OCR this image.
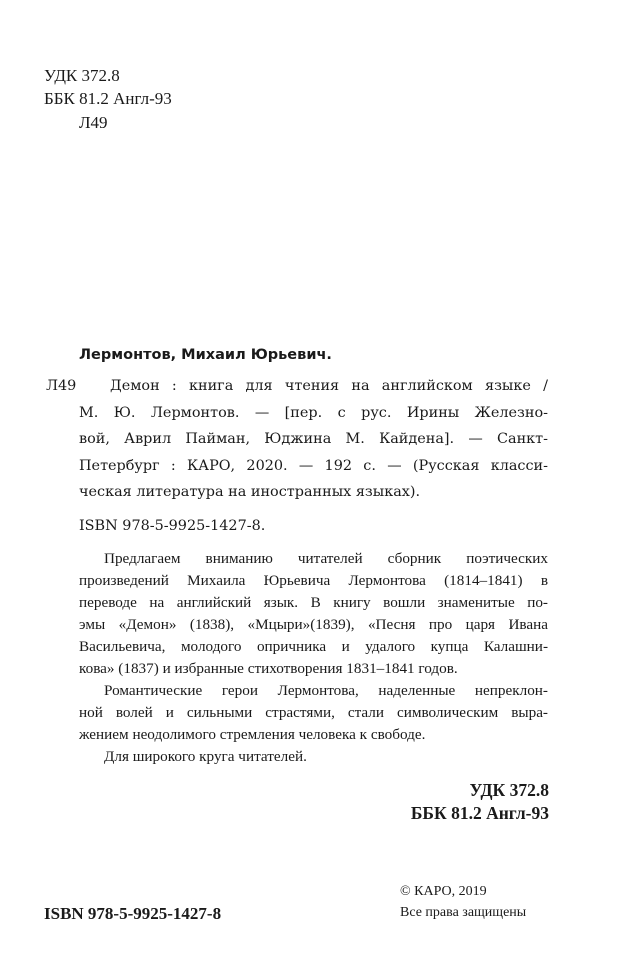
УДК 372.8
ББК 81.2 Англ-93
Л49
Лермонтов, Михаил Юрьевич.
Л49 Демон : книга для чтения на английском языке /
М. Ю. Лермонтов. — [пер. с рус. Ирины Железно-
вой, Аврил Пайман, Юджина М. Кайдена]. — Санкт-
Петербург : КАРО, 2020. — 192 с. — (Русская класси-
ческая литература на иностранных языках).
ISBN 978-5-9925-1427-8.
Предлагаем вниманию читателей сборник поэтических
произведений Михаила Юрьевича Лермонтова (1814–1841) в
переводе на английский язык. В книгу вошли знаменитые по-
эмы «Демон» (1838), «Мцыри»(1839), «Песня про царя Ивана
Васильевича, молодого опричника и удалого купца Калашни-
кова» (1837) и избранные стихотворения 1831–1841 годов.
Романтические герои Лермонтова, наделенные непреклон-
ной волей и сильными страстями, стали символическим выра-
жением неодолимого стремления человека к свободе.
Для широкого круга читателей.
УДК 372.8
ББК 81.2 Англ-93
ISBN 978-5-9925-1427-8
© КАРО, 2019
Все права защищены
